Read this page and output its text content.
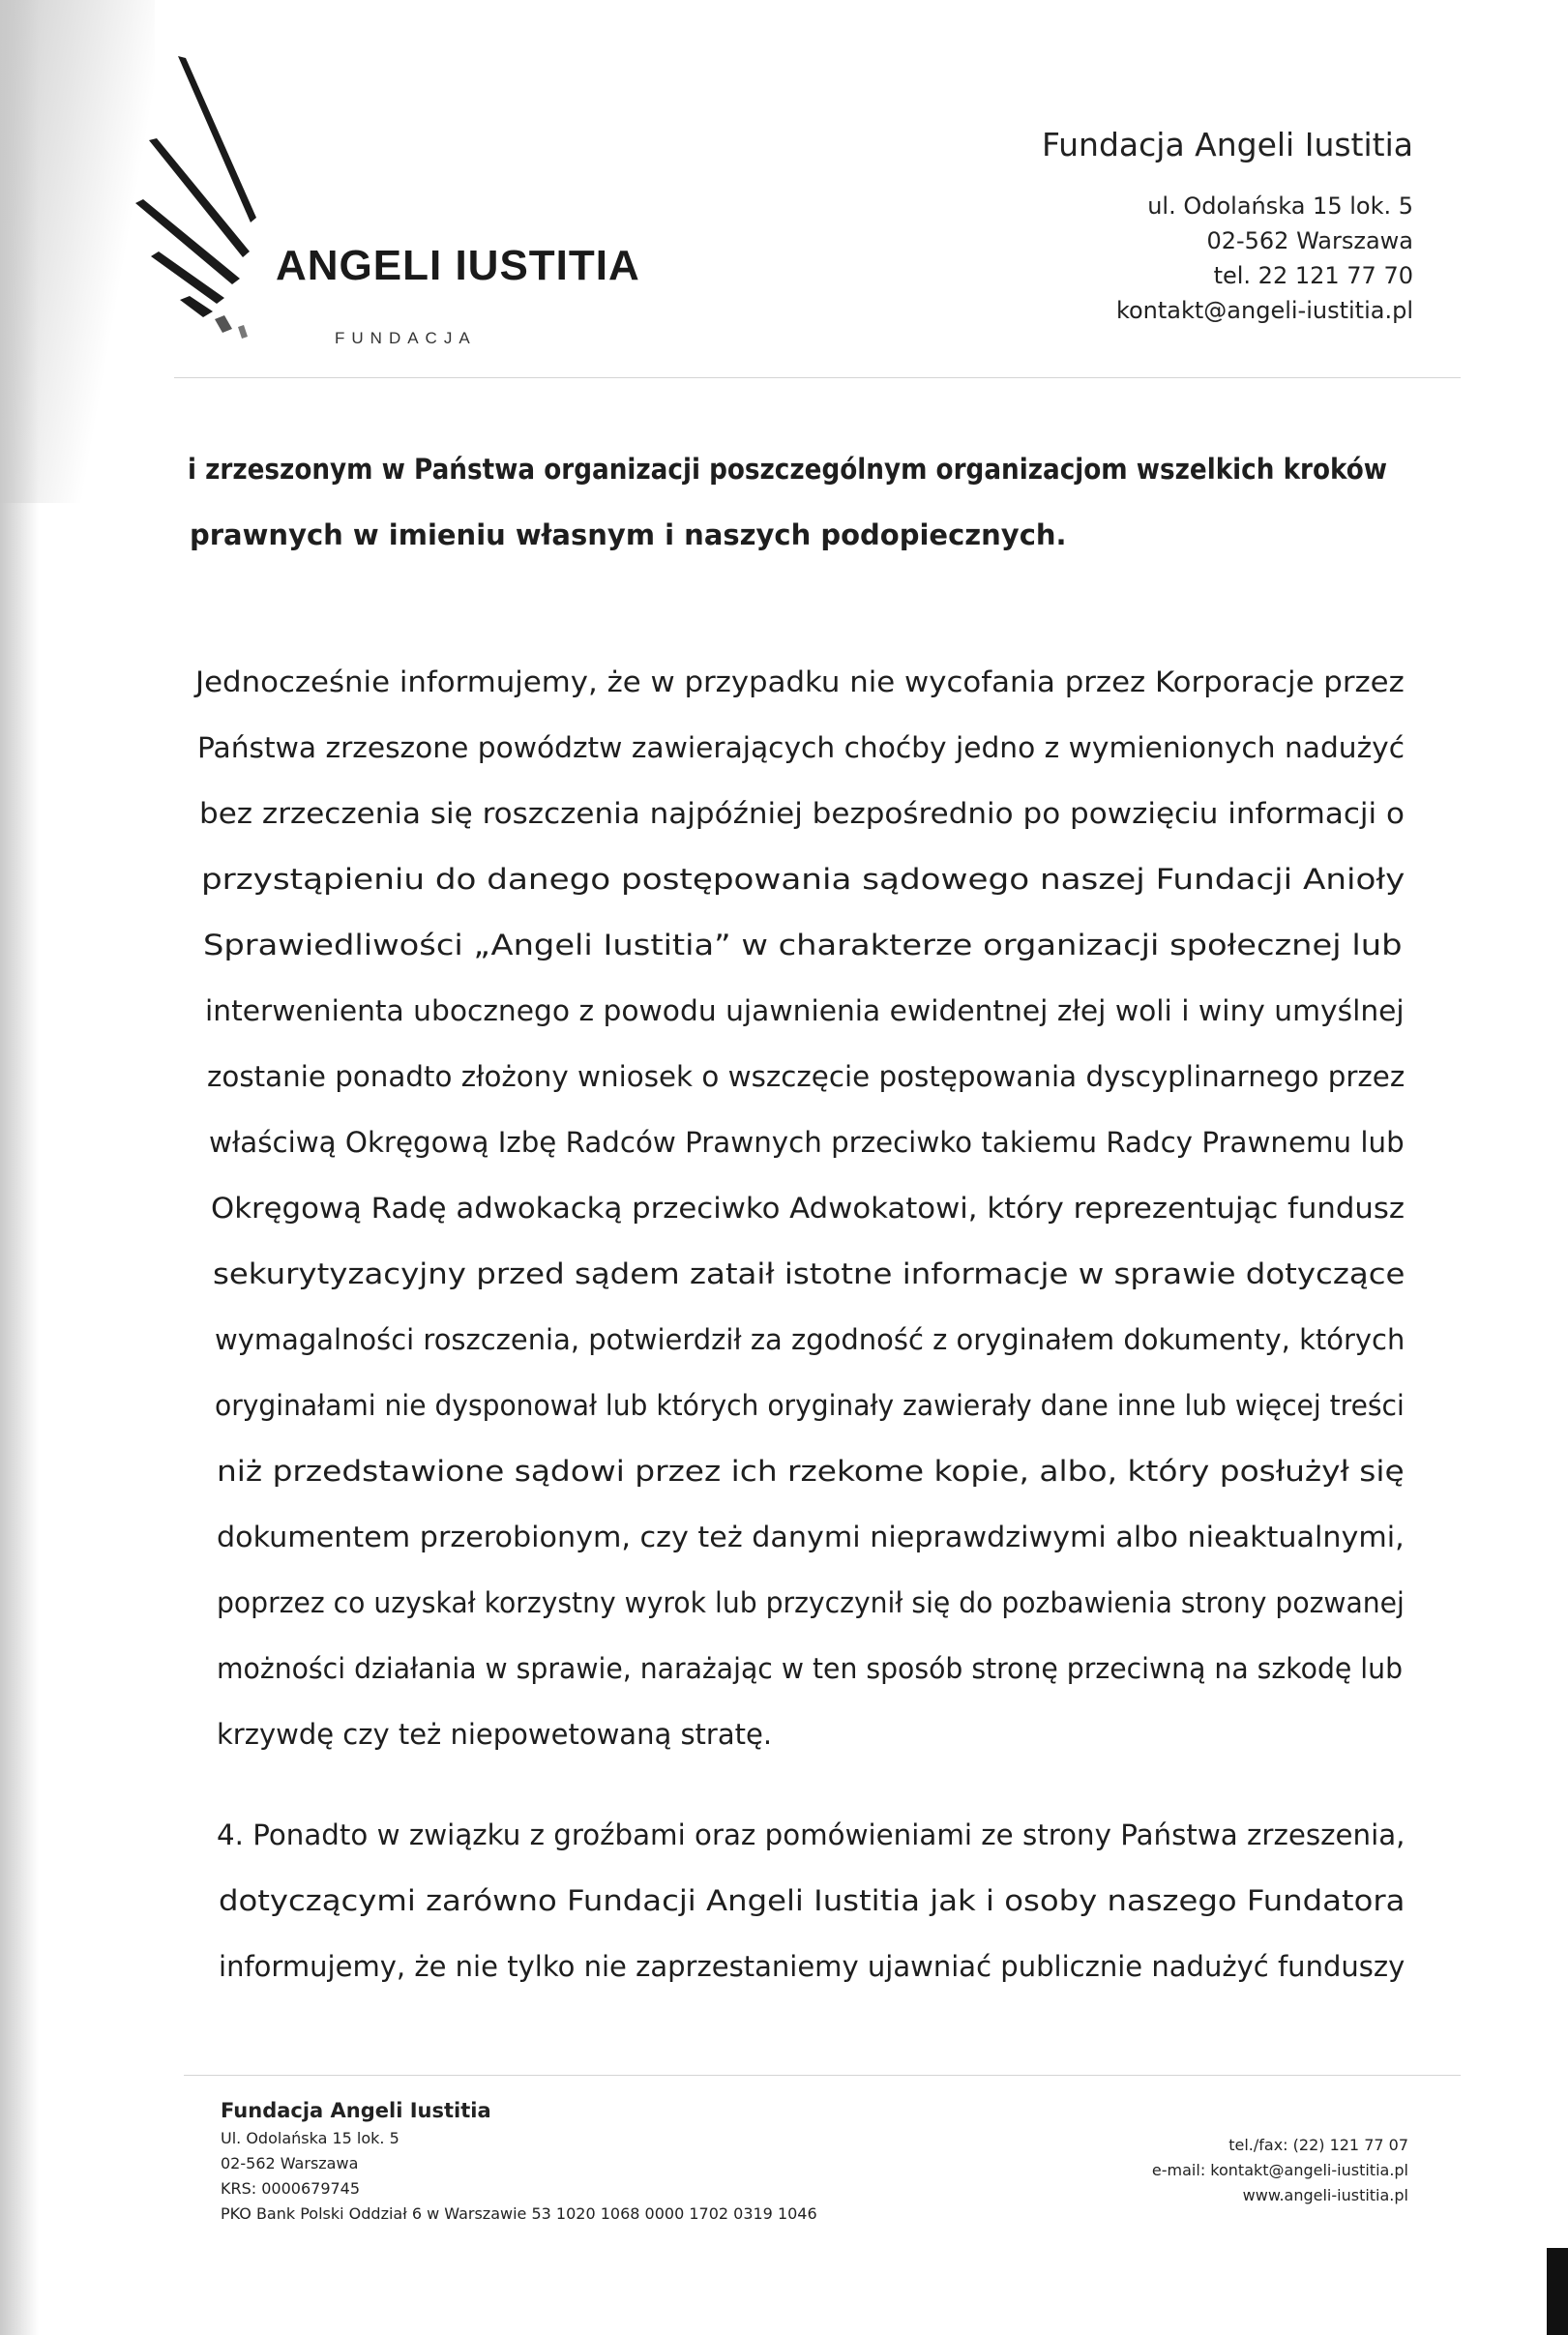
ANGELI IUSTITIA
FUNDACJA
Fundacja Angeli Iustitia
ul. Odolańska 15 lok. 5
02-562 Warszawa
tel. 22 121 77 70
kontakt@angeli-iustitia.pl
i zrzeszonym w Państwa organizacji poszczególnym organizacjom wszelkich kroków
prawnych w imieniu własnym i naszych podopiecznych.
Jednocześnie informujemy, że w przypadku nie wycofania przez Korporacje przez
Państwa zrzeszone powództw zawierających choćby jedno z wymienionych nadużyć
bez zrzeczenia się roszczenia najpóźniej bezpośrednio po powzięciu informacji o
przystąpieniu do danego postępowania sądowego naszej Fundacji Anioły
Sprawiedliwości „Angeli Iustitia” w charakterze organizacji społecznej lub
interwenienta ubocznego z powodu ujawnienia ewidentnej złej woli i winy umyślnej
zostanie ponadto złożony wniosek o wszczęcie postępowania dyscyplinarnego przez
właściwą Okręgową Izbę Radców Prawnych przeciwko takiemu Radcy Prawnemu lub
Okręgową Radę adwokacką przeciwko Adwokatowi, który reprezentując fundusz
sekurytyzacyjny przed sądem zataił istotne informacje w sprawie dotyczące
wymagalności roszczenia, potwierdził za zgodność z oryginałem dokumenty, których
oryginałami nie dysponował lub których oryginały zawierały dane inne lub więcej treści
niż przedstawione sądowi przez ich rzekome kopie, albo, który posłużył się
dokumentem przerobionym, czy też danymi nieprawdziwymi albo nieaktualnymi,
poprzez co uzyskał korzystny wyrok lub przyczynił się do pozbawienia strony pozwanej
możności działania w sprawie, narażając w ten sposób stronę przeciwną na szkodę lub
krzywdę czy też niepowetowaną stratę.
4. Ponadto w związku z groźbami oraz pomówieniami ze strony Państwa zrzeszenia,
dotyczącymi zarówno Fundacji Angeli Iustitia jak i osoby naszego Fundatora
informujemy, że nie tylko nie zaprzestaniemy ujawniać publicznie nadużyć funduszy
Fundacja Angeli Iustitia
Ul. Odolańska 15 lok. 5
02-562 Warszawa
KRS: 0000679745
PKO Bank Polski Oddział 6 w Warszawie 53 1020 1068 0000 1702 0319 1046
tel./fax: (22) 121 77 07
e-mail: kontakt@angeli-iustitia.pl
www.angeli-iustitia.pl
